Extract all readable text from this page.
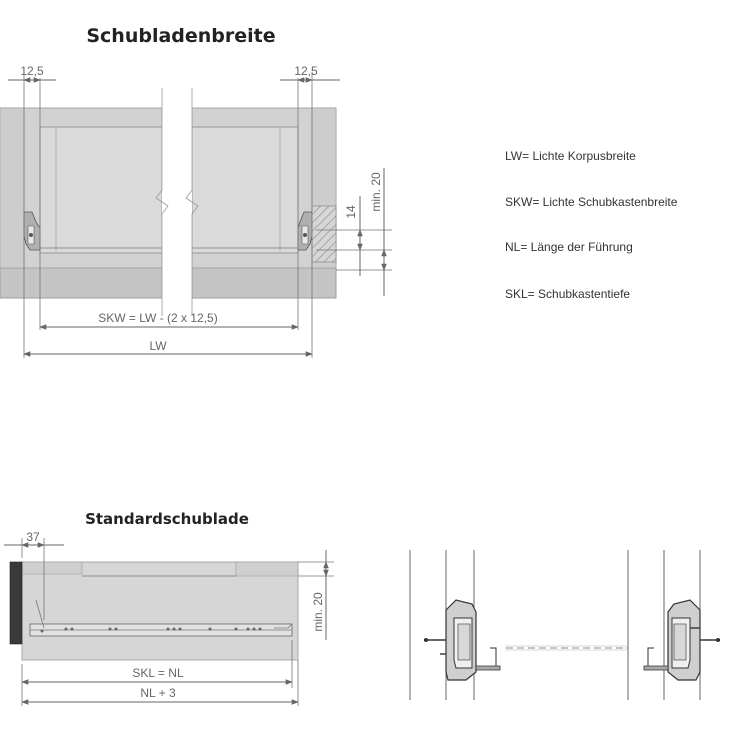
Schubladenbreite
12,5	12,5
SKW = LW - (2 x 12,5)
LW
14
min. 20
LW= Lichte Korpusbreite
SKW= Lichte Schubkastenbreite
NL= Länge der Führung
SKL= Schubkastentiefe
Standardschublade
37
min. 20
SKL = NL
NL + 3
